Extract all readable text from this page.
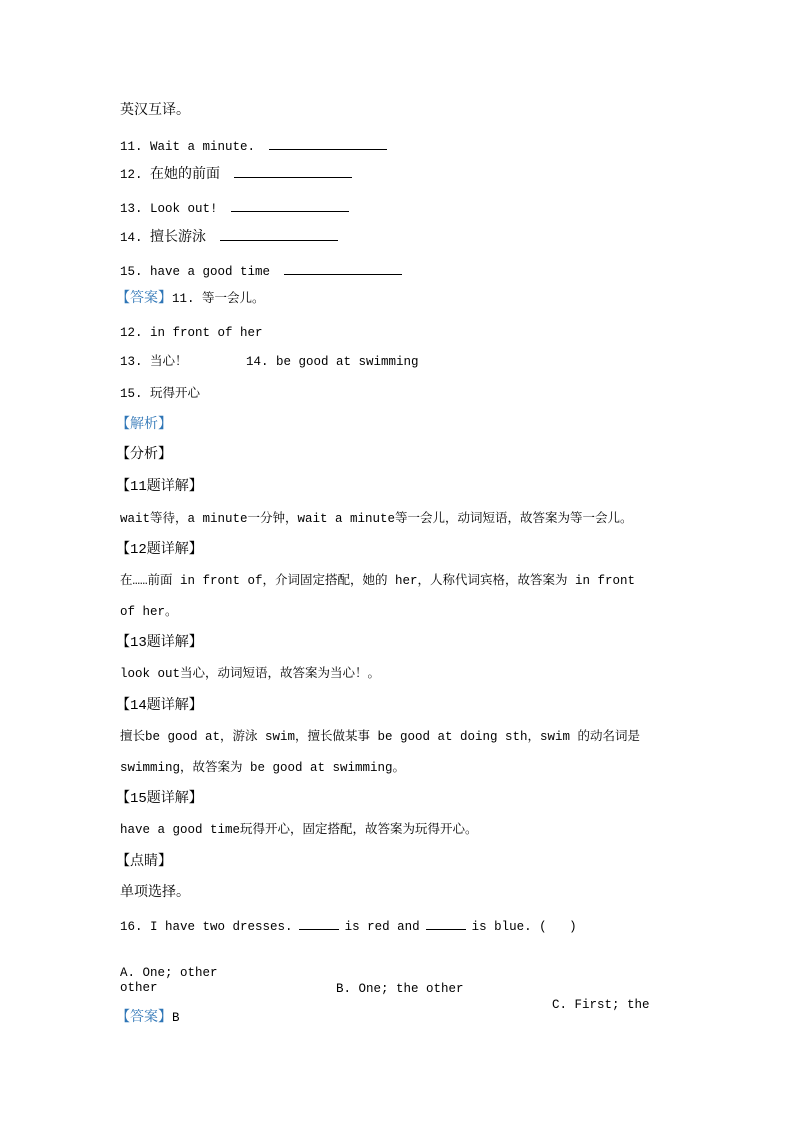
英汉互译。
11. Wait a minute.
12. 在她的前面
13. Look out!
14. 擅长游泳
15. have a good time
【答案】11. 等一会儿。
12. in front of her
13. 当心！	14. be good at swimming
15. 玩得开心
【解析】
【分析】
【11题详解】
wait等待，a minute一分钟，wait a minute等一会儿，动词短语，故答案为等一会儿。
【12题详解】
在……前面 in front of，介词固定搭配，她的 her，人称代词宾格，故答案为 in front
of her。
【13题详解】
look out当心，动词短语，故答案为当心！。
【14题详解】
擅长be good at，游泳 swim，擅长做某事 be good at doing sth，swim 的动名词是
swimming，故答案为 be good at swimming。
【15题详解】
have a good time玩得开心，固定搭配，故答案为玩得开心。
【点睛】
单项选择。
16. I have two dresses.	is red and	is blue. (   )

A. One; other

B. One; the other

C. First; the

other
【答案】B
